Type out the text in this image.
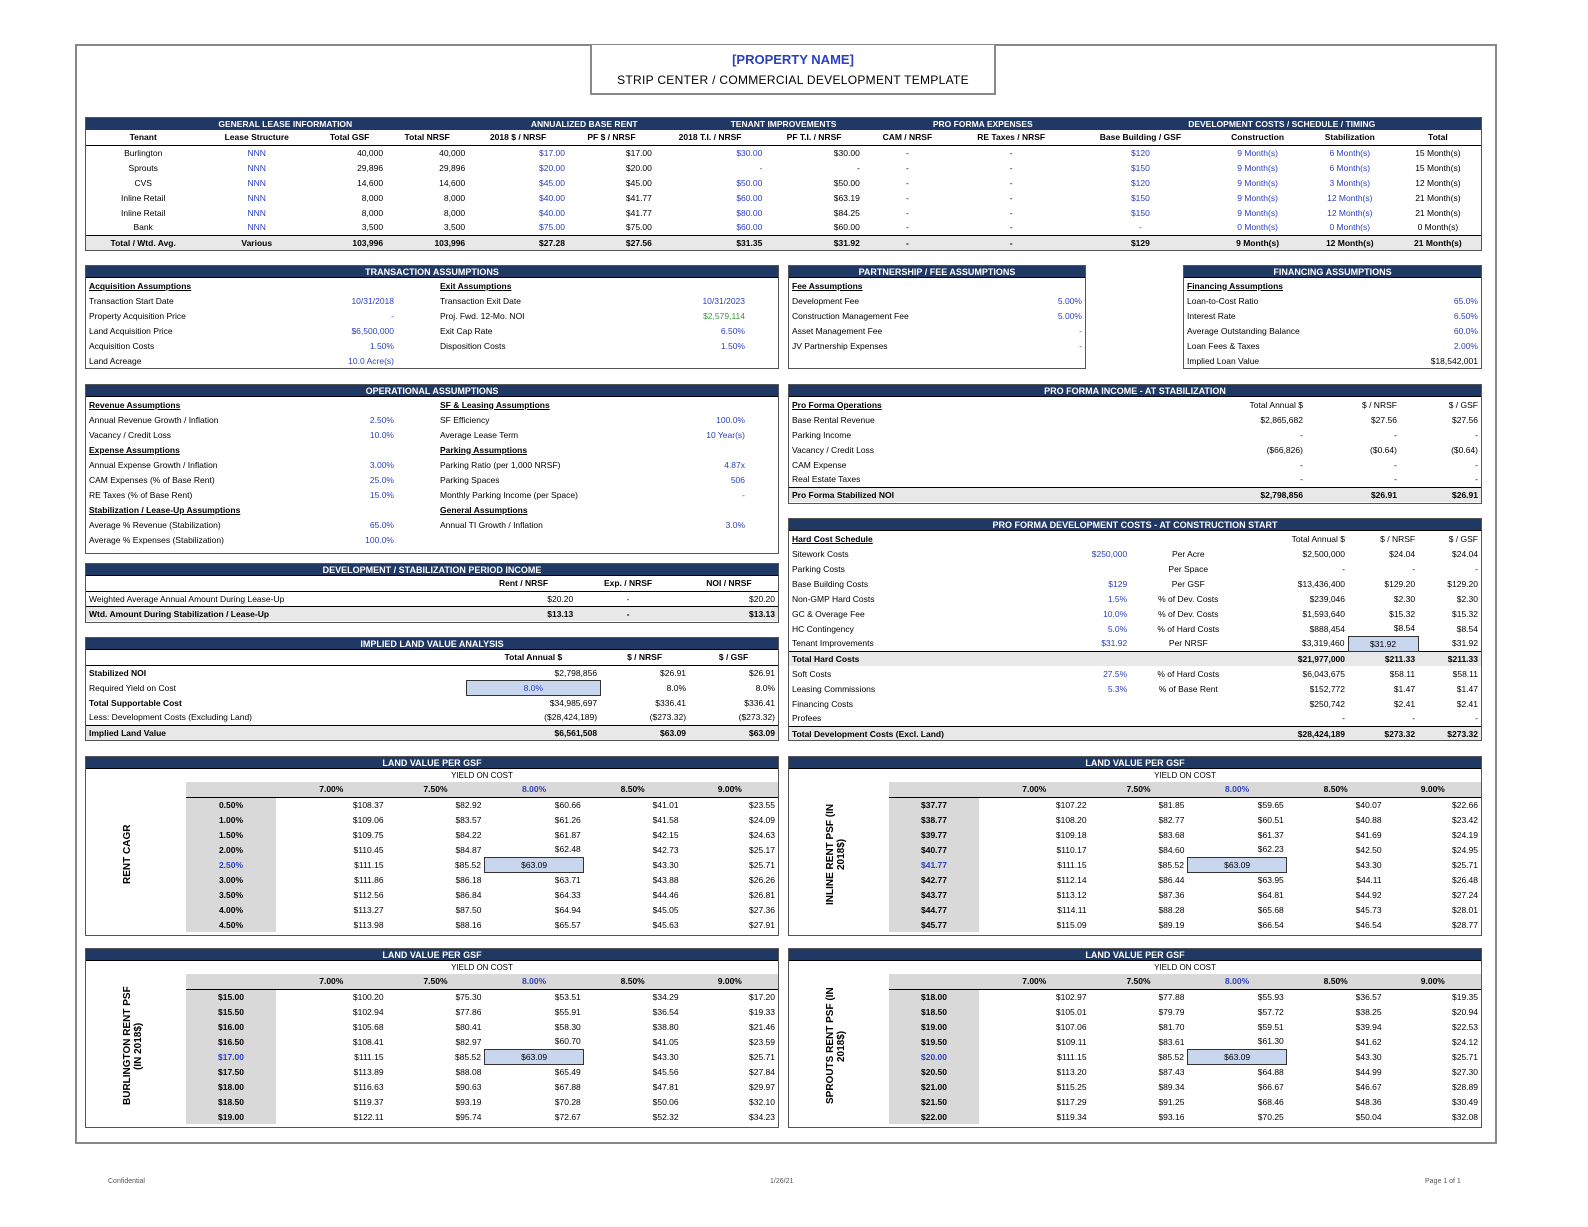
[PROPERTY NAME]
STRIP CENTER / COMMERCIAL DEVELOPMENT TEMPLATE
GENERAL LEASE INFORMATION	ANNUALIZED BASE RENT	TENANT IMPROVEMENTS	PRO FORMA EXPENSES	DEVELOPMENT COSTS / SCHEDULE / TIMING
Tenant	Lease Structure	Total GSF	Total NRSF	2018 $ / NRSF	PF $ / NRSF	2018 T.I. / NRSF	PF T.I. / NRSF	CAM / NRSF	RE Taxes / NRSF	Base Building / GSF	Construction	Stabilization	Total
Burlington	NNN	40,000	40,000	$17.00	$17.00	$30.00	$30.00	-	-	$120	9 Month(s)	6 Month(s)	15 Month(s)
Sprouts	NNN	29,896	29,896	$20.00	$20.00	-	-	-	-	$150	9 Month(s)	6 Month(s)	15 Month(s)
CVS	NNN	14,600	14,600	$45.00	$45.00	$50.00	$50.00	-	-	$120	9 Month(s)	3 Month(s)	12 Month(s)
Inline Retail	NNN	8,000	8,000	$40.00	$41.77	$60.00	$63.19	-	-	$150	9 Month(s)	12 Month(s)	21 Month(s)
Inline Retail	NNN	8,000	8,000	$40.00	$41.77	$80.00	$84.25	-	-	$150	9 Month(s)	12 Month(s)	21 Month(s)
Bank	NNN	3,500	3,500	$75.00	$75.00	$60.00	$60.00	-	-	-	0 Month(s)	0 Month(s)	0 Month(s)
Total / Wtd. Avg.	Various	103,996	103,996	$27.28	$27.56	$31.35	$31.92	-	-	$129	9 Month(s)	12 Month(s)	21 Month(s)
TRANSACTION ASSUMPTIONS
Acquisition Assumptions	
Transaction Start Date	10/31/2018
Property Acquisition Price	-
Land Acquisition Price	$6,500,000
Acquisition Costs	1.50%
Land Acreage	10.0 Acre(s)
Exit Assumptions	
Transaction Exit Date	10/31/2023
Proj. Fwd. 12-Mo. NOI	$2,579,114
Exit Cap Rate	6.50%
Disposition Costs	1.50%
PARTNERSHIP / FEE ASSUMPTIONS
Fee Assumptions	
Development Fee	5.00%
Construction Management Fee	5.00%
Asset Management Fee	-
JV Partnership Expenses	-
FINANCING ASSUMPTIONS
Financing Assumptions	
Loan-to-Cost Ratio	65.0%
Interest Rate	6.50%
Average Outstanding Balance	60.0%
Loan Fees & Taxes	2.00%
Implied Loan Value	$18,542,001
OPERATIONAL ASSUMPTIONS
Revenue Assumptions	
Annual Revenue Growth / Inflation	2.50%
Vacancy / Credit Loss	10.0%
Expense Assumptions	
Annual Expense Growth / Inflation	3.00%
CAM Expenses (% of Base Rent)	25.0%
RE Taxes (% of Base Rent)	15.0%
Stabilization / Lease-Up Assumptions	
Average % Revenue (Stabilization)	65.0%
Average % Expenses (Stabilization)	100.0%
SF & Leasing Assumptions	
SF Efficiency	100.0%
Average Lease Term	10 Year(s)
Parking Assumptions	
Parking Ratio (per 1,000 NRSF)	4.87x
Parking Spaces	506
Monthly Parking Income (per Space)	-
General Assumptions	
Annual TI Growth / Inflation	3.0%
DEVELOPMENT / STABILIZATION PERIOD INCOME
	Rent / NRSF	Exp. / NRSF	NOI / NRSF
Weighted Average Annual Amount During Lease-Up	$20.20	-	$20.20
Wtd. Amount During Stabilization / Lease-Up	$13.13	-	$13.13
IMPLIED LAND VALUE ANALYSIS
	Total Annual $	$ / NRSF	$ / GSF
Stabilized NOI	$2,798,856	$26.91	$26.91
Required Yield on Cost	8.0%	8.0%	8.0%
Total Supportable Cost	$34,985,697	$336.41	$336.41
Less: Development Costs (Excluding Land)	($28,424,189)	($273.32)	($273.32)
Implied Land Value	$6,561,508	$63.09	$63.09
PRO FORMA INCOME - AT STABILIZATION
Pro Forma Operations	Total Annual $	$ / NRSF	$ / GSF
Base Rental Revenue	$2,865,682	$27.56	$27.56
Parking Income	-	-	-
Vacancy / Credit Loss	($66,826)	($0.64)	($0.64)
CAM Expense	-	-	-
Real Estate Taxes	-	-	-
Pro Forma Stabilized NOI	$2,798,856	$26.91	$26.91
PRO FORMA DEVELOPMENT COSTS - AT CONSTRUCTION START
Hard Cost Schedule			Total Annual $	$ / NRSF	$ / GSF
Sitework Costs	$250,000	Per Acre	$2,500,000	$24.04	$24.04
Parking Costs		Per Space	-	-	-
Base Building Costs	$129	Per GSF	$13,436,400	$129.20	$129.20
Non-GMP Hard Costs	1.5%	% of Dev. Costs	$239,046	$2.30	$2.30
GC & Overage Fee	10.0%	% of Dev. Costs	$1,593,640	$15.32	$15.32
HC Contingency	5.0%	% of Hard Costs	$888,454	$8.54	$8.54
Tenant Improvements	$31.92	Per NRSF	$3,319,460	$31.92	$31.92
Total Hard Costs			$21,977,000	$211.33	$211.33
Soft Costs	27.5%	% of Hard Costs	$6,043,675	$58.11	$58.11
Leasing Commissions	5.3%	% of Base Rent	$152,772	$1.47	$1.47
Financing Costs			$250,742	$2.41	$2.41
Profees			-	-	-
Total Development Costs (Excl. Land)			$28,424,189	$273.32	$273.32
LAND VALUE PER GSF
RENT CAGR
YIELD ON COST
	7.00%	7.50%	8.00%	8.50%	9.00%
0.50%	$108.37	$82.92	$60.66	$41.01	$23.55
1.00%	$109.06	$83.57	$61.26	$41.58	$24.09
1.50%	$109.75	$84.22	$61.87	$42.15	$24.63
2.00%	$110.45	$84.87	$62.48	$42.73	$25.17
2.50%	$111.15	$85.52	$63.09	$43.30	$25.71
3.00%	$111.86	$86.18	$63.71	$43.88	$26.26
3.50%	$112.56	$86.84	$64.33	$44.46	$26.81
4.00%	$113.27	$87.50	$64.94	$45.05	$27.36
4.50%	$113.98	$88.16	$65.57	$45.63	$27.91
LAND VALUE PER GSF
INLINE RENT PSF (IN 2018$)
YIELD ON COST
	7.00%	7.50%	8.00%	8.50%	9.00%
$37.77	$107.22	$81.85	$59.65	$40.07	$22.66
$38.77	$108.20	$82.77	$60.51	$40.88	$23.42
$39.77	$109.18	$83.68	$61.37	$41.69	$24.19
$40.77	$110.17	$84.60	$62.23	$42.50	$24.95
$41.77	$111.15	$85.52	$63.09	$43.30	$25.71
$42.77	$112.14	$86.44	$63.95	$44.11	$26.48
$43.77	$113.12	$87.36	$64.81	$44.92	$27.24
$44.77	$114.11	$88.28	$65.68	$45.73	$28.01
$45.77	$115.09	$89.19	$66.54	$46.54	$28.77
LAND VALUE PER GSF
BURLINGTON RENT PSF (IN 2018$)
YIELD ON COST
	7.00%	7.50%	8.00%	8.50%	9.00%
$15.00	$100.20	$75.30	$53.51	$34.29	$17.20
$15.50	$102.94	$77.86	$55.91	$36.54	$19.33
$16.00	$105.68	$80.41	$58.30	$38.80	$21.46
$16.50	$108.41	$82.97	$60.70	$41.05	$23.59
$17.00	$111.15	$85.52	$63.09	$43.30	$25.71
$17.50	$113.89	$88.08	$65.49	$45.56	$27.84
$18.00	$116.63	$90.63	$67.88	$47.81	$29.97
$18.50	$119.37	$93.19	$70.28	$50.06	$32.10
$19.00	$122.11	$95.74	$72.67	$52.32	$34.23
LAND VALUE PER GSF
SPROUTS RENT PSF (IN 2018$)
YIELD ON COST
	7.00%	7.50%	8.00%	8.50%	9.00%
$18.00	$102.97	$77.88	$55.93	$36.57	$19.35
$18.50	$105.01	$79.79	$57.72	$38.25	$20.94
$19.00	$107.06	$81.70	$59.51	$39.94	$22.53
$19.50	$109.11	$83.61	$61.30	$41.62	$24.12
$20.00	$111.15	$85.52	$63.09	$43.30	$25.71
$20.50	$113.20	$87.43	$64.88	$44.99	$27.30
$21.00	$115.25	$89.34	$66.67	$46.67	$28.89
$21.50	$117.29	$91.25	$68.46	$48.36	$30.49
$22.00	$119.34	$93.16	$70.25	$50.04	$32.08
Confidential	1/26/21	Page 1 of 1
